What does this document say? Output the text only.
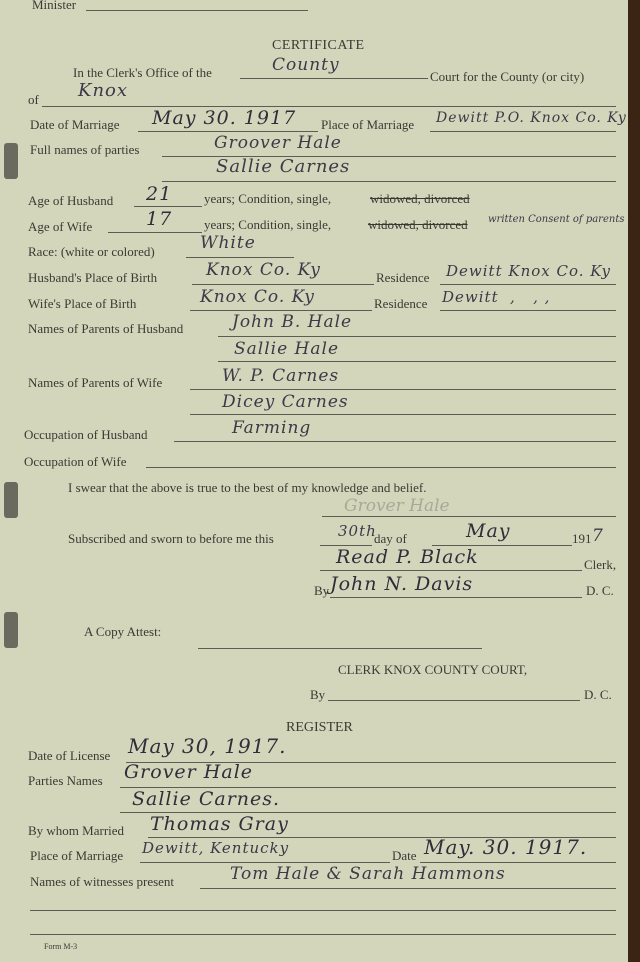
Minister
CERTIFICATE
In the Clerk's Office of the	County
Court for the County (or city)
of Knox
Date of Marriage May 30. 1917 Place of Marriage Dewitt P.O. Knox Co. Ky
Full names of parties	Groover Hale
Sallie Carnes
Age of Husband 21 years; Condition, single,	widowed, divorced
Age of Wife	17 years; Condition, single,	widowed, divorced written Consent of parents
Race: (white or colored)	White
Husband's Place of Birth	Knox Co. Ky	Residence Dewitt Knox Co. Ky
Wife's Place of Birth	Knox Co. Ky	Residence Dewitt ,   , ,
Names of Parents of Husband	John B. Hale
Sallie Hale
Names of Parents of Wife	W. P. Carnes
Dicey Carnes
Occupation of Husband	Farming
Occupation of Wife
I swear that the above is true to the best of my knowledge and belief.
Grover Hale
Subscribed and sworn to before me this	30th
day of	May	191 7
Read P. Black	Clerk,
By John N. Davis	D. C.
A Copy Attest:
CLERK KNOX COUNTY COURT,
By	D. C.
REGISTER
Date of License May 30, 1917.
Parties Names Grover Hale
Sallie Carnes.
By whom Married Thomas Gray
Place of Marriage Dewitt, Kentucky	Date May. 30. 1917.
Names of witnesses present	Tom Hale & Sarah Hammons
Form M-3
